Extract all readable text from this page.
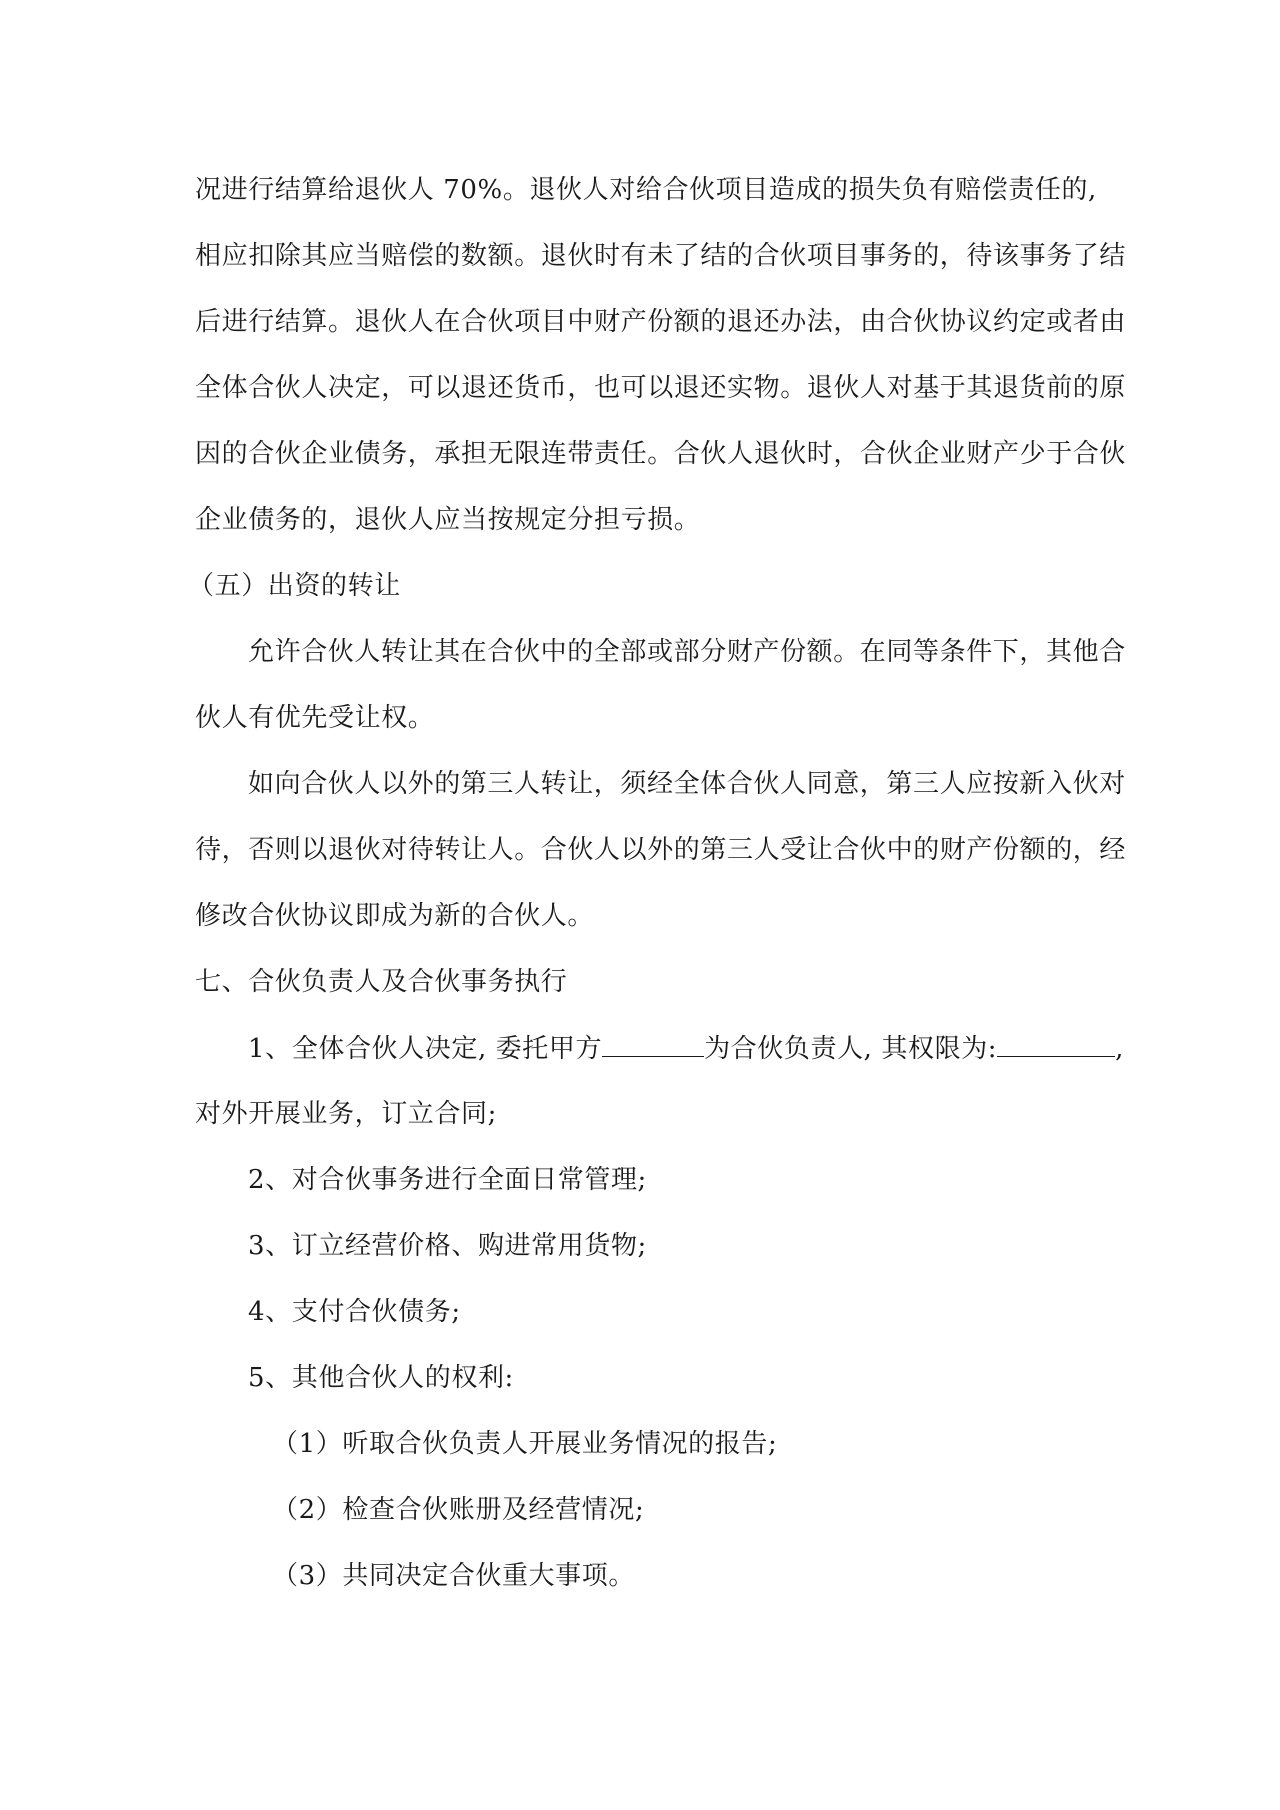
况进行结算给退伙人 70%。退伙人对给合伙项目造成的损失负有赔偿责任的,
相应扣除其应当赔偿的数额。退伙时有未了结的合伙项目事务的，待该事务了结
后进行结算。退伙人在合伙项目中财产份额的退还办法，由合伙协议约定或者由
全体合伙人决定，可以退还货币，也可以退还实物。退伙人对基于其退货前的原
因的合伙企业债务，承担无限连带责任。合伙人退伙时，合伙企业财产少于合伙
企业债务的，退伙人应当按规定分担亏损。
（五）出资的转让
允许合伙人转让其在合伙中的全部或部分财产份额。在同等条件下，其他合
伙人有优先受让权。
如向合伙人以外的第三人转让，须经全体合伙人同意，第三人应按新入伙对
待，否则以退伙对待转让人。合伙人以外的第三人受让合伙中的财产份额的，经
修改合伙协议即成为新的合伙人。
七、合伙负责人及合伙事务执行
1、全体合伙人决定, 委托甲方	为合伙负责人, 其权限为:	,
对外开展业务，订立合同;
2、对合伙事务进行全面日常管理;
3、订立经营价格、购进常用货物;
4、支付合伙债务;
5、其他合伙人的权利:
（1）听取合伙负责人开展业务情况的报告;
（2）检查合伙账册及经营情况;
（3）共同决定合伙重大事项。
